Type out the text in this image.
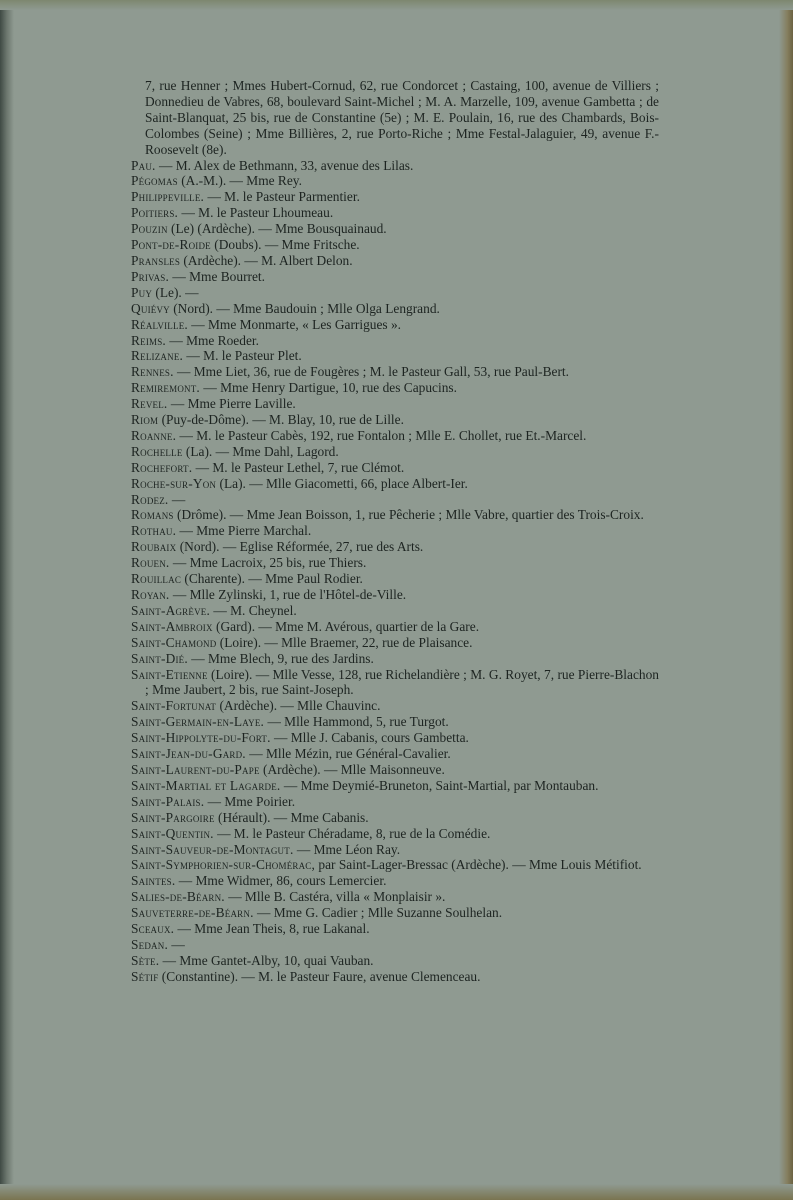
7, rue Henner ; Mmes Hubert-Cornud, 62, rue Condorcet ; Castaing, 100, avenue de Villiers ; Donnedieu de Vabres, 68, boulevard Saint-Michel ; M. A. Marzelle, 109, avenue Gambetta ; de Saint-Blanquat, 25 bis, rue de Constantine (5e) ; M. E. Poulain, 16, rue des Chambards, Bois-Colombes (Seine) ; Mme Billières, 2, rue Porto-Riche ; Mme Festal-Jalaguier, 49, avenue F.-Roosevelt (8e).

Pau. — M. Alex de Bethmann, 33, avenue des Lilas.

Pégomas (A.-M.). — Mme Rey.

Philippeville. — M. le Pasteur Parmentier.

Poitiers. — M. le Pasteur Lhoumeau.

Pouzin (Le) (Ardèche). — Mme Bousquainaud.

Pont-de-Roide (Doubs). — Mme Fritsche.

Pransles (Ardèche). — M. Albert Delon.

Privas. — Mme Bourret.

Puy (Le). —

Quiévy (Nord). — Mme Baudouin ; Mlle Olga Lengrand.

Réalville. — Mme Monmarte, « Les Garrigues ».

Reims. — Mme Roeder.

Relizane. — M. le Pasteur Plet.

Rennes. — Mme Liet, 36, rue de Fougères ; M. le Pasteur Gall, 53, rue Paul-Bert.

Remiremont. — Mme Henry Dartigue, 10, rue des Capucins.

Revel. — Mme Pierre Laville.

Riom (Puy-de-Dôme). — M. Blay, 10, rue de Lille.

Roanne. — M. le Pasteur Cabès, 192, rue Fontalon ; Mlle E. Chollet, rue Et.-Marcel.

Rochelle (La). — Mme Dahl, Lagord.

Rochefort. — M. le Pasteur Lethel, 7, rue Clémot.

Roche-sur-Yon (La). — Mlle Giacometti, 66, place Albert-Ier.

Rodez. —

Romans (Drôme). — Mme Jean Boisson, 1, rue Pêcherie ; Mlle Vabre, quartier des Trois-Croix.

Rothau. — Mme Pierre Marchal.

Roubaix (Nord). — Eglise Réformée, 27, rue des Arts.

Rouen. — Mme Lacroix, 25 bis, rue Thiers.

Rouillac (Charente). — Mme Paul Rodier.

Royan. — Mlle Zylinski, 1, rue de l'Hôtel-de-Ville.

Saint-Agrève. — M. Cheynel.

Saint-Ambroix (Gard). — Mme M. Avérous, quartier de la Gare.

Saint-Chamond (Loire). — Mlle Braemer, 22, rue de Plaisance.

Saint-Dié. — Mme Blech, 9, rue des Jardins.

Saint-Etienne (Loire). — Mlle Vesse, 128, rue Richelandière ; M. G. Royet, 7, rue Pierre-Blachon ; Mme Jaubert, 2 bis, rue Saint-Joseph.

Saint-Fortunat (Ardèche). — Mlle Chauvinc.

Saint-Germain-en-Laye. — Mlle Hammond, 5, rue Turgot.

Saint-Hippolyte-du-Fort. — Mlle J. Cabanis, cours Gambetta.

Saint-Jean-du-Gard. — Mlle Mézin, rue Général-Cavalier.

Saint-Laurent-du-Pape (Ardèche). — Mlle Maisonneuve.

Saint-Martial et Lagarde. — Mme Deymié-Bruneton, Saint-Martial, par Montauban.

Saint-Palais. — Mme Poirier.

Saint-Pargoire (Hérault). — Mme Cabanis.

Saint-Quentin. — M. le Pasteur Chéradame, 8, rue de la Comédie.

Saint-Sauveur-de-Montagut. — Mme Léon Ray.

Saint-Symphorien-sur-Chomérac, par Saint-Lager-Bressac (Ardèche). — Mme Louis Métifiot.

Saintes. — Mme Widmer, 86, cours Lemercier.

Salies-de-Béarn. — Mlle B. Castéra, villa « Monplaisir ».

Sauveterre-de-Béarn. — Mme G. Cadier ; Mlle Suzanne Soulhelan.

Sceaux. — Mme Jean Theis, 8, rue Lakanal.

Sedan. —

Sète. — Mme Gantet-Alby, 10, quai Vauban.

Sétif (Constantine). — M. le Pasteur Faure, avenue Clemenceau.
